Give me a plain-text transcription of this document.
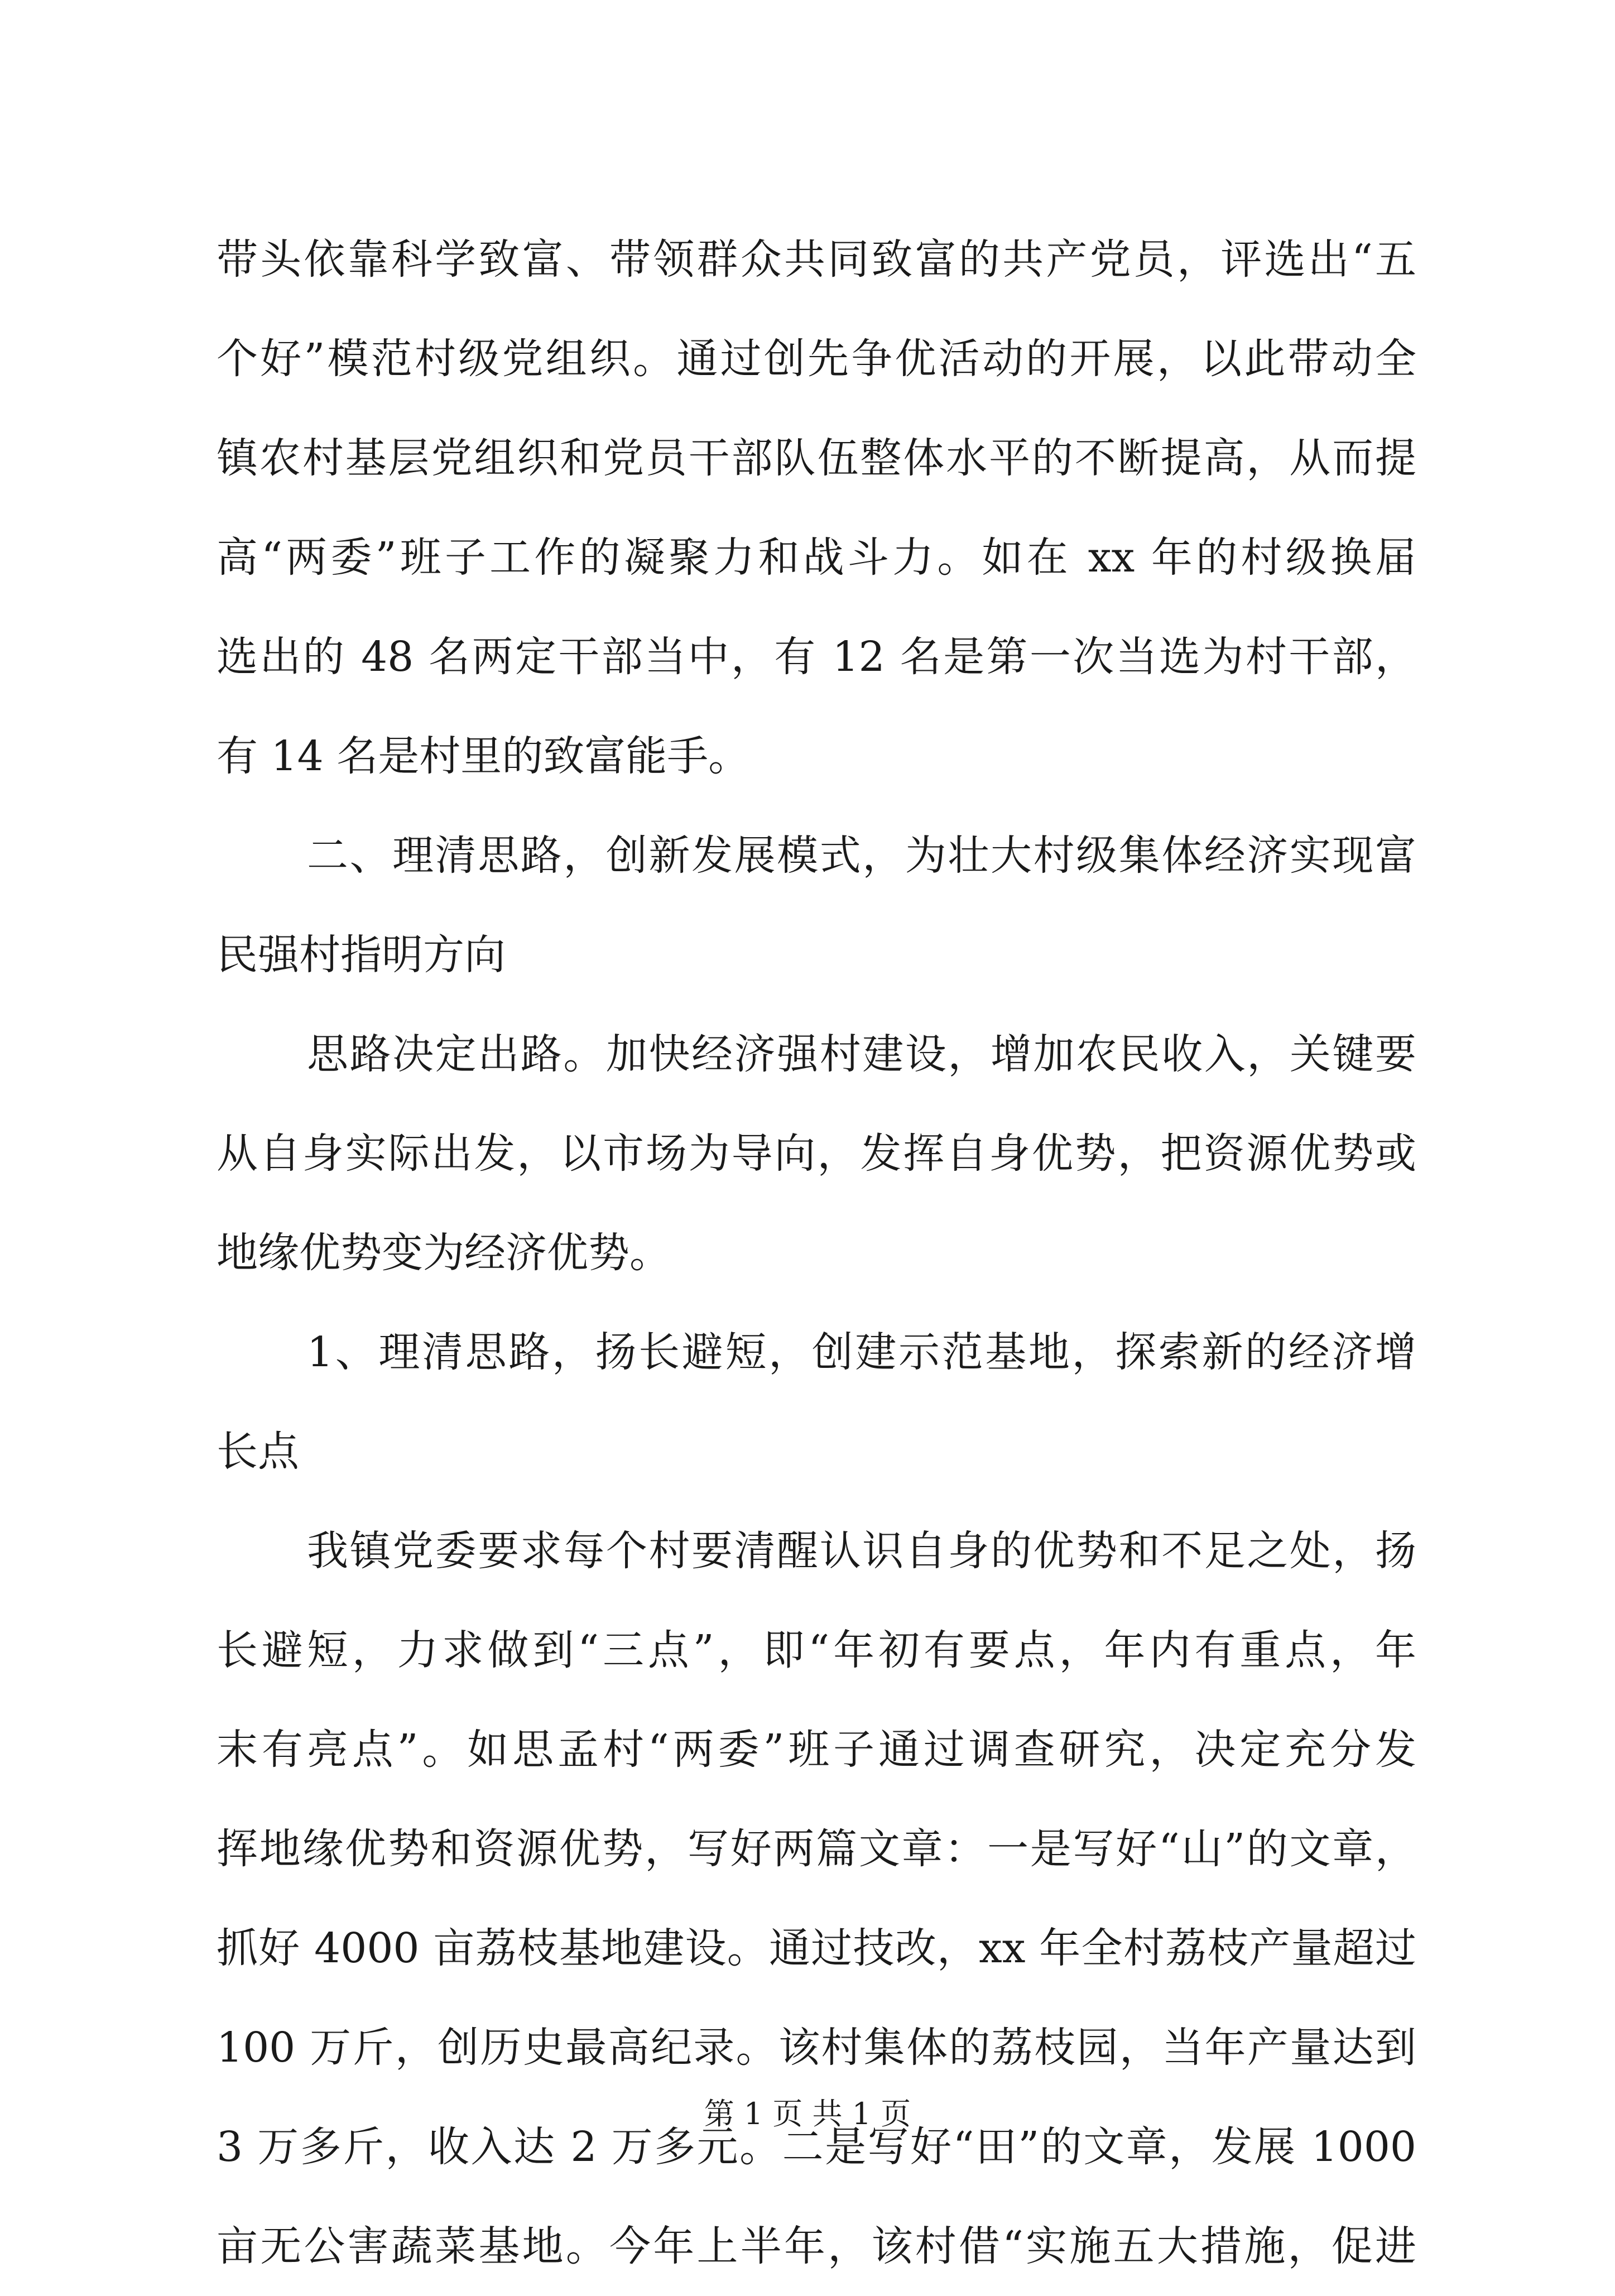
带头依靠科学致富、带领群众共同致富的共产党员，评选出“五
个好”模范村级党组织。通过创先争优活动的开展，以此带动全
镇农村基层党组织和党员干部队伍整体水平的不断提高，从而提
高“两委”班子工作的凝聚力和战斗力。如在 xx 年的村级换届
选出的 48 名两定干部当中，有 12 名是第一次当选为村干部，
有 14 名是村里的致富能手。
二、理清思路，创新发展模式，为壮大村级集体经济实现富
民强村指明方向
思路决定出路。加快经济强村建设，增加农民收入，关键要
从自身实际出发，以市场为导向，发挥自身优势，把资源优势或
地缘优势变为经济优势。
1、理清思路，扬长避短，创建示范基地，探索新的经济增
长点
我镇党委要求每个村要清醒认识自身的优势和不足之处，扬
长避短，力求做到“三点”，即“年初有要点，年内有重点，年
末有亮点”。如思孟村“两委”班子通过调查研究，决定充分发
挥地缘优势和资源优势，写好两篇文章：一是写好“山”的文章，
抓好 4000 亩荔枝基地建设。通过技改，xx 年全村荔枝产量超过
100 万斤，创历史最高纪录。该村集体的荔枝园，当年产量达到
3 万多斤，收入达 2 万多元。二是写好“田”的文章，发展 1000
亩无公害蔬菜基地。今年上半年，该村借“实施五大措施，促进
第 1 页 共 1 页
